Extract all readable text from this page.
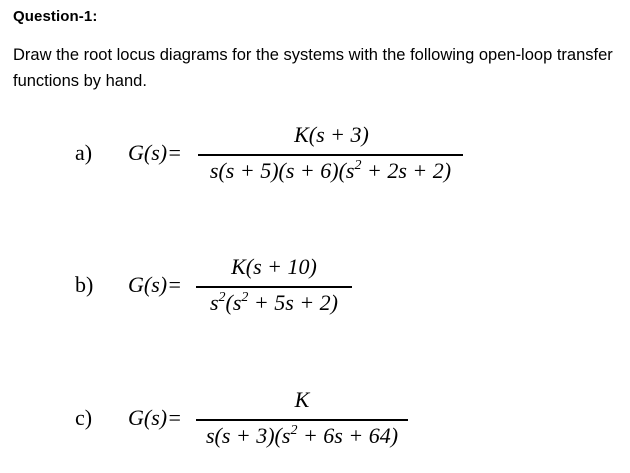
Question-1:
Draw the root locus diagrams for the systems with the following open-loop transfer functions by hand.
a) G(s)=
K(s + 3)
$s(s + 5)(s + 6)(s^2 + 2s + 2)$
b) G(s)=
K(s + 10)
$s^2(s^2 + 5s + 2)$
c) G(s)=
K
$s(s + 3)(s^2 + 6s + 64)$
